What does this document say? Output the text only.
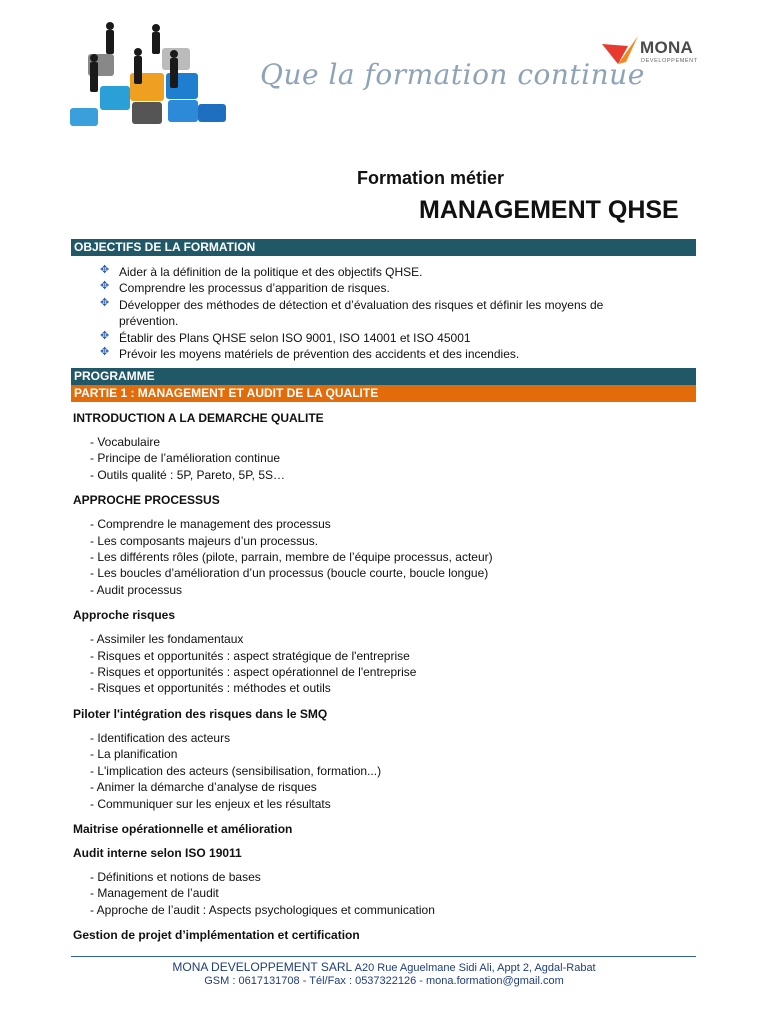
Que la formation continue
MONA
DEVELOPPEMENT
Formation métier
MANAGEMENT QHSE
OBJECTIFS DE LA FORMATION
✥ Aider à la définition de la politique et des objectifs QHSE.
✥ Comprendre les processus d’apparition de risques.
✥ Développer des méthodes de détection et d’évaluation des risques et définir les moyens de prévention.
✥ Établir des Plans QHSE selon ISO 9001, ISO 14001 et ISO 45001
✥ Prévoir les moyens matériels de prévention des accidents et des incendies.
PROGRAMME
PARTIE 1 : MANAGEMENT ET AUDIT DE LA QUALITE
INTRODUCTION A LA DEMARCHE QUALITE
- Vocabulaire
- Principe de l’amélioration continue
- Outils qualité : 5P, Pareto, 5P, 5S…
APPROCHE PROCESSUS
- Comprendre le management des processus
- Les composants majeurs d’un processus.
- Les différents rôles (pilote, parrain, membre de l’équipe processus, acteur)
- Les boucles d’amélioration d’un processus (boucle courte, boucle longue)
- Audit processus
Approche risques
- Assimiler les fondamentaux
- Risques et opportunités : aspect stratégique de l'entreprise
- Risques et opportunités : aspect opérationnel de l'entreprise
- Risques et opportunités : méthodes et outils
Piloter l'intégration des risques dans le SMQ
- Identification des acteurs
- La planification
- L'implication des acteurs (sensibilisation, formation...)
- Animer la démarche d’analyse de risques
- Communiquer sur les enjeux et les résultats
Maitrise opérationnelle et amélioration
Audit interne selon ISO 19011
- Définitions et notions de bases
- Management de l’audit
- Approche de l’audit : Aspects psychologiques et communication
Gestion de projet d’implémentation et certification
MONA DEVELOPPEMENT SARL A20 Rue Aguelmane Sidi Ali, Appt 2, Agdal-Rabat
GSM : 0617131708 - Tél/Fax : 0537322126 - mona.formation@gmail.com
